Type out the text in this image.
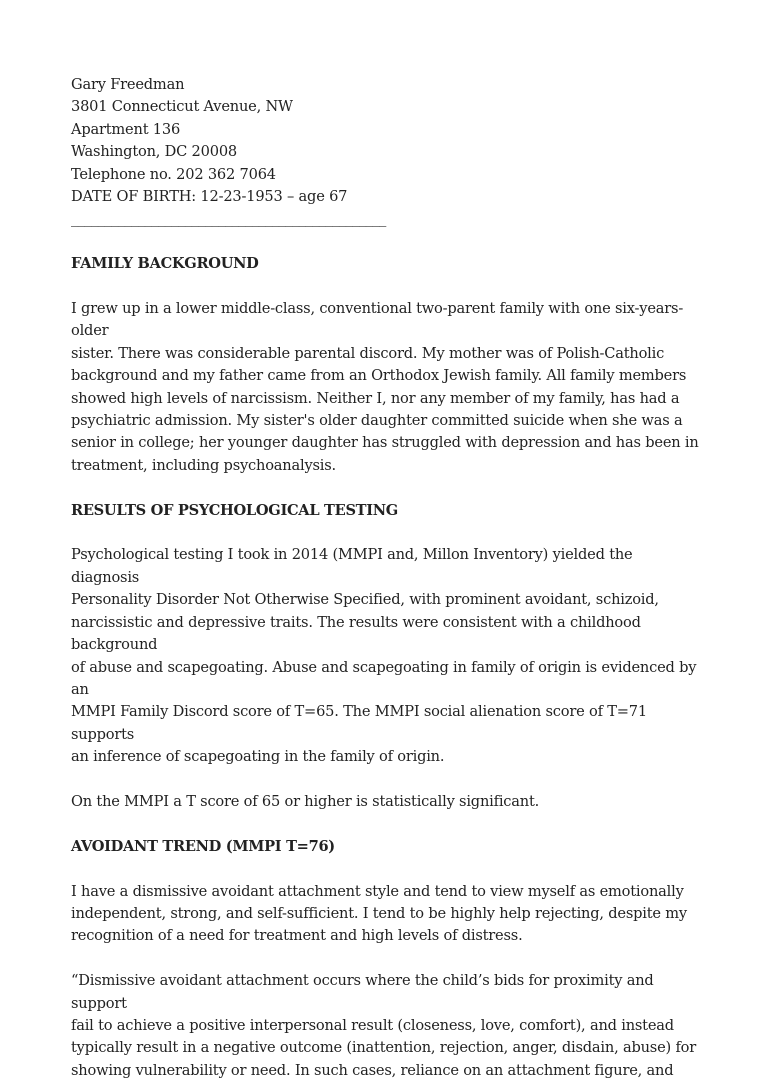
Gary Freedman

3801 Connecticut Avenue, NW

Apartment 136

Washington, DC 20008

Telephone no. 202 362 7064

DATE OF BIRTH: 12-23-1953 – age 67

_______________________________________________

FAMILY BACKGROUND

I grew up in a lower middle-class, conventional two-parent family with one six-years-older
sister. There was considerable parental discord. My mother was of Polish-Catholic
background and my father came from an Orthodox Jewish family. All family members
showed high levels of narcissism. Neither I, nor any member of my family, has had a
psychiatric admission. My sister's older daughter committed suicide when she was a
senior in college; her younger daughter has struggled with depression and has been in
treatment, including psychoanalysis.

RESULTS OF PSYCHOLOGICAL TESTING

Psychological testing I took in 2014 (MMPI and, Millon Inventory) yielded the diagnosis
Personality Disorder Not Otherwise Specified, with prominent avoidant, schizoid,
narcissistic and depressive traits. The results were consistent with a childhood background
of abuse and scapegoating. Abuse and scapegoating in family of origin is evidenced by an
MMPI Family Discord score of T=65. The MMPI social alienation score of T=71 supports
an inference of scapegoating in the family of origin.

On the MMPI a T score of 65 or higher is statistically significant.

AVOIDANT TREND (MMPI T=76)

I have a dismissive avoidant attachment style and tend to view myself as emotionally
independent, strong, and self-sufficient. I tend to be highly help rejecting, despite my
recognition of a need for treatment and high levels of distress.

“Dismissive avoidant attachment occurs where the child’s bids for proximity and support
fail to achieve a positive interpersonal result (closeness, love, comfort), and instead
typically result in a negative outcome (inattention, rejection, anger, disdain, abuse) for
showing vulnerability or need. In such cases, reliance on an attachment figure, and
